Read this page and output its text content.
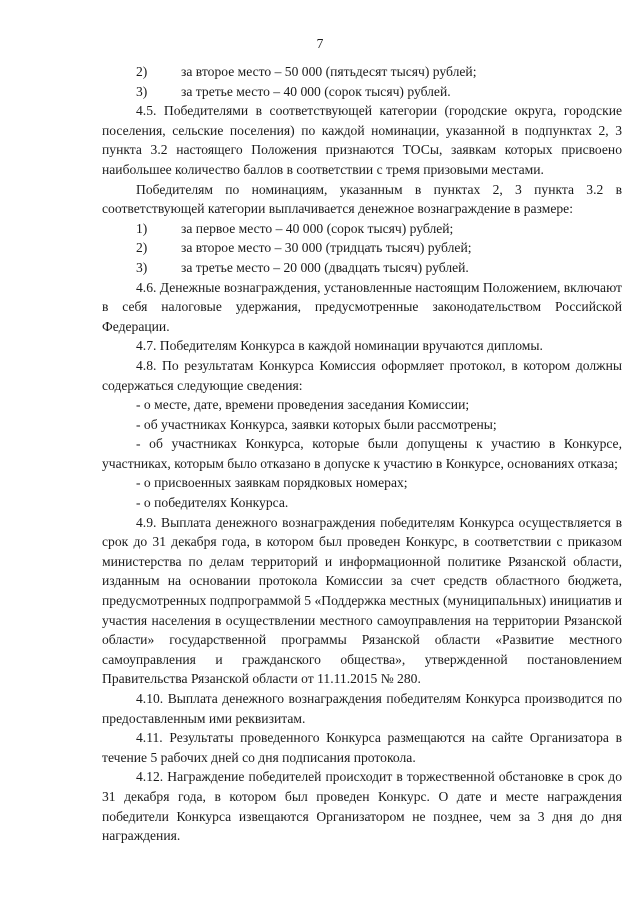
7
2)	за второе место – 50 000 (пятьдесят тысяч) рублей;
3)	за третье место – 40 000 (сорок тысяч) рублей.

4.5. Победителями в соответствующей категории (городские округа, городские поселения, сельские поселения) по каждой номинации, указанной в подпунктах 2, 3 пункта 3.2 настоящего Положения признаются ТОСы, заявкам которых присвоено наибольшее количество баллов в соответствии с тремя призовыми местами.

Победителям по номинациям, указанным в пунктах 2, 3 пункта 3.2 в соответствующей категории выплачивается денежное вознаграждение в размере:

1)	за первое место – 40 000 (сорок тысяч) рублей;
2)	за второе место – 30 000 (тридцать тысяч) рублей;
3)	за третье место – 20 000 (двадцать тысяч) рублей.

4.6. Денежные вознаграждения, установленные настоящим Положением, включают в себя налоговые удержания, предусмотренные законодательством Российской Федерации.

4.7. Победителям Конкурса в каждой номинации вручаются дипломы.

4.8. По результатам Конкурса Комиссия оформляет протокол, в котором должны содержаться следующие сведения:

- о месте, дате, времени проведения заседания Комиссии;

- об участниках Конкурса, заявки которых были рассмотрены;

- об участниках Конкурса, которые были допущены к участию в Конкурсе, участниках, которым было отказано в допуске к участию в Конкурсе, основаниях отказа;

- о присвоенных заявкам порядковых номерах;

- о победителях Конкурса.

4.9. Выплата денежного вознаграждения победителям Конкурса осуществляется в срок до 31 декабря года, в котором был проведен Конкурс, в соответствии с приказом министерства по делам территорий и информационной политике Рязанской области, изданным на основании протокола Комиссии за счет средств областного бюджета, предусмотренных подпрограммой 5 «Поддержка местных (муниципальных) инициатив и участия населения в осуществлении местного самоуправления на территории Рязанской области» государственной программы Рязанской области «Развитие местного самоуправления и гражданского общества», утвержденной постановлением Правительства Рязанской области от 11.11.2015 № 280.

4.10. Выплата денежного вознаграждения победителям Конкурса производится по предоставленным ими реквизитам.

4.11. Результаты проведенного Конкурса размещаются на сайте Организатора в течение 5 рабочих дней со дня подписания протокола.

4.12. Награждение победителей происходит в торжественной обстановке в срок до 31 декабря года, в котором был проведен Конкурс. О дате и месте награждения победители Конкурса извещаются Организатором не позднее, чем за 3 дня до дня награждения.
